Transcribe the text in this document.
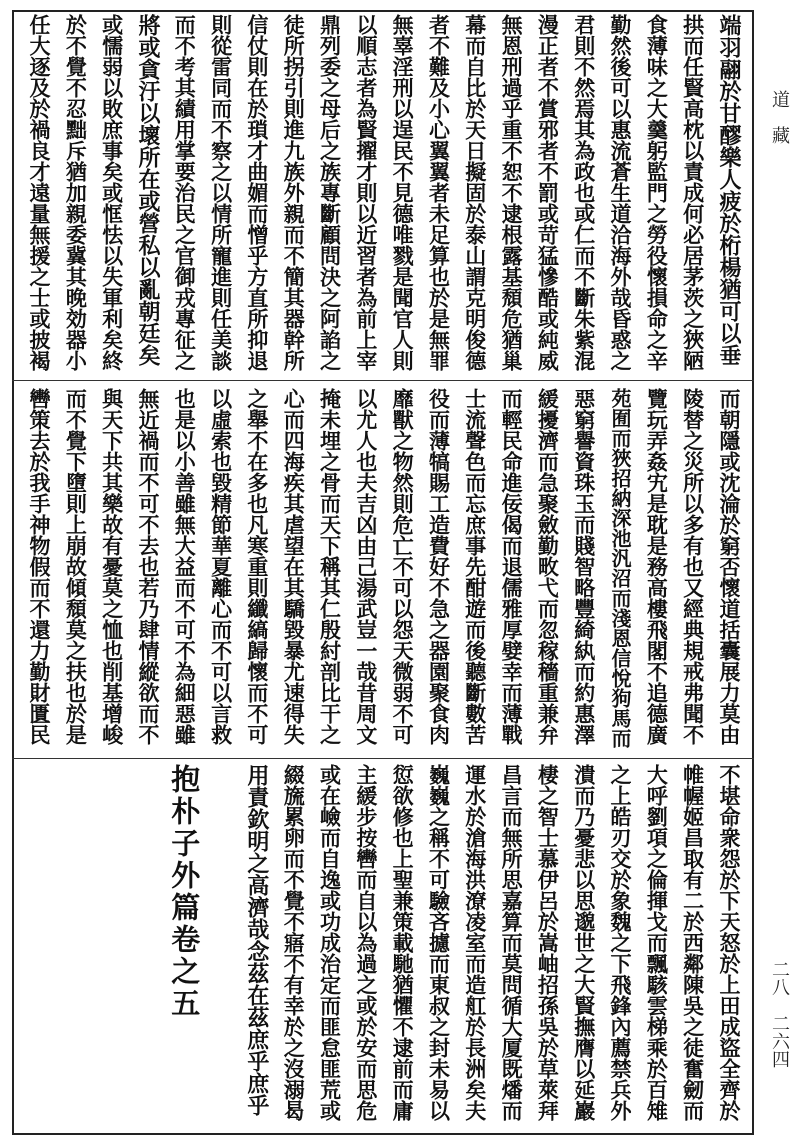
道　藏
二八　二六四
端羽翮於甘醪樂人疲於桁楊猶可以垂
拱而任賢高枕以責成何必居茅茨之狹陋
食薄味之大羹躬監門之勞役懷損命之辛
勤然後可以惠流蒼生道洽海外哉昏惑之
君則不然焉其為政也或仁而不斷朱紫混
漫正者不賞邪者不罰或苛猛慘酷或純威
無恩刑過乎重不恕不逮根露基頹危猶巢
幕而自比於天日擬固於泰山謂克明俊德
者不難及小心翼翼者未足算也於是無罪
無辜淫刑以逞民不見德唯戮是聞官人則
以順志者為賢擢才則以近習者為前上宰
鼎列委之母后之族專斷顧問決之阿諂之
徒所拐引則進九族外親而不簡其器幹所
信仗則在於瑣才曲媚而憎乎方直所抑退
則從雷同而不察之以情所寵進則任美談
而不考其績用掌要治民之官御戎專征之
將或貪汙以壞所在或營私以亂朝廷矣
或懦弱以敗庶事矣或恇怯以失軍利矣終
於不覺不忍黜斥猶加親委冀其晚効器小
任大逐及於禍良才遠量無援之士或披褐
而朝隱或沈淪於窮否懷道括囊展力莫由
陵替之災所以多有也又經典規戒弗聞不
覽玩弄姦宄是耽是務高樓飛閣不追德廣
苑囿而狹招納深池汎沼而淺恩信悅狗馬而
惡窮譽資珠玉而賤智略豐綺紈而約惠澤
緩擾濟而急聚斂勤畋弋而忽稼穡重兼弁
而輕民命進佞偈而退儒雅厚嬖幸而薄戰
士流聲色而忘庶事先酣遊而後聽斷數苦
役而薄犒賜工造費好不急之器園聚食肉
靡獸之物然則危亡不可以怨天微弱不可
以尤人也夫吉凶由己湯武豈一哉昔周文
掩未埋之骨而天下稱其仁殷紂剖比干之
心而四海疾其虐望在其驕毀暴尤速得失
之舉不在多也凡寒重則纖縞歸懷而不可
以虛索也毀精節華夏離心而不可以言救
也是以小善雖無大益而不可不為細惡雖
無近禍而不可不去也若乃肆情縱欲而不
與天下共其樂故有憂莫之恤也削基增峻
而不覺下墮則上崩故傾頹莫之扶也於是
轡策去於我手神物假而不還力勤財匱民
不堪命衆怨於下天怒於上田成盜全齊於
帷幄姬昌取有二於西鄰陳吳之徒奮劒而
大呼劉項之倫揮戈而飄駭雲梯乘於百雉
之上皓刃交於象魏之下飛鋒內薦禁兵外
潰而乃憂悲以思邈世之大賢撫膺以延巖
棲之智士慕伊呂於嵩岫招孫吳於草萊拜
昌言而無所思嘉算而莫問循大厦既燔而
運水於滄海洪潦凌室而造舡於長洲矣夫
巍巍之稱不可驗吝攄而東叔之封未易以
愆欲修也上聖兼策載馳猶懼不逮前而庸
主緩步按轡而自以為過之或於安而思危
或在嶮而自逸或功成治定而匪怠匪荒或
綴旒累卵而不覺不寤不有幸於之沒溺曷
用責欽明之高濟哉念茲在茲庶乎庶乎
抱朴子外篇卷之五
